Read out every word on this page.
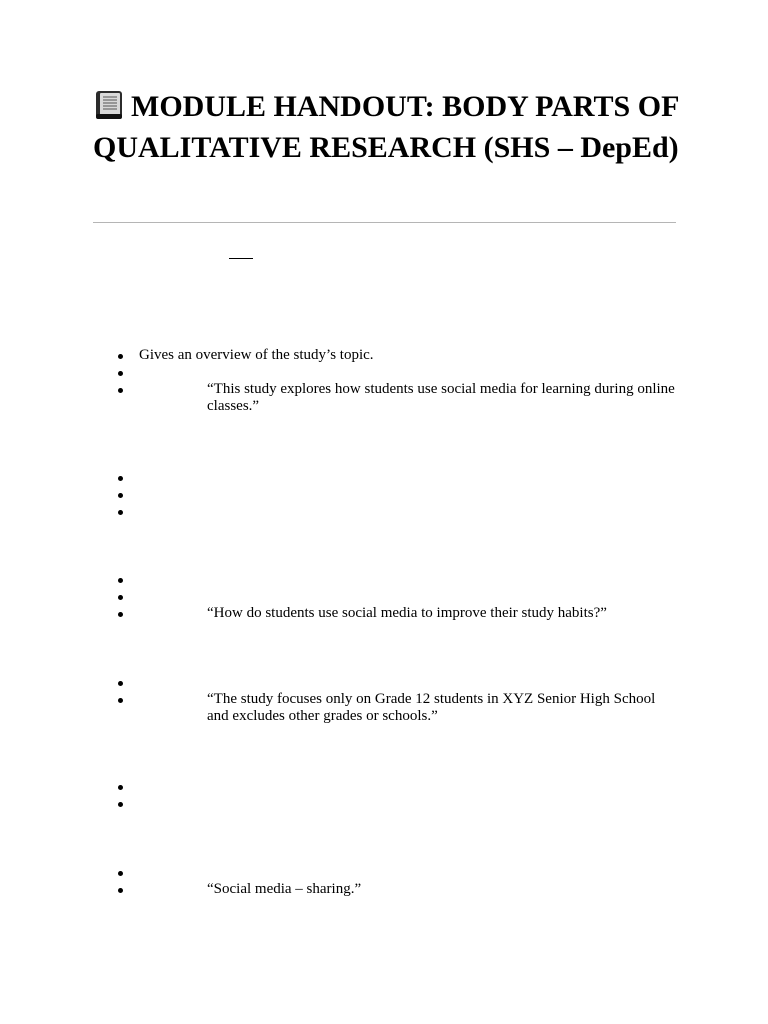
MODULE HANDOUT: BODY PARTS OF QUALITATIVE RESEARCH (SHS – DepEd)
Gives an overview of the study’s topic.
“This study explores how students use social media for learning during online classes.”
“How do students use social media to improve their study habits?”
“The study focuses only on Grade 12 students in XYZ Senior High School and excludes other grades or schools.”
“Social media – sharing.”
